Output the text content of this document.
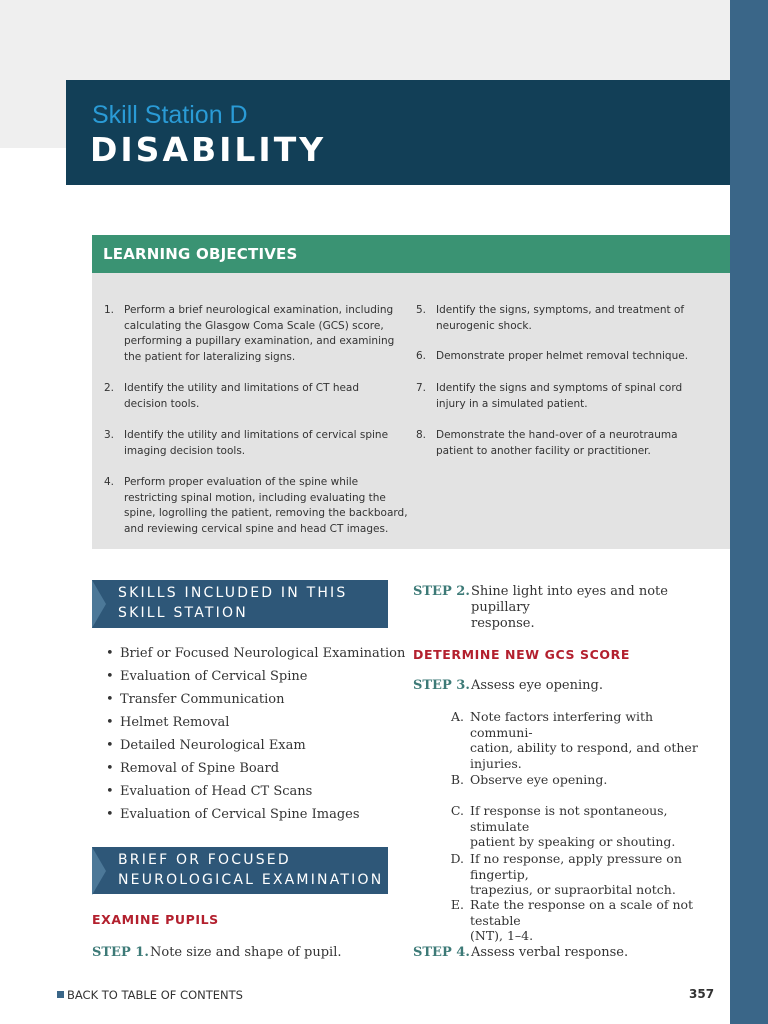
Skill Station D
DISABILITY
LEARNING OBJECTIVES
1. Perform a brief neurological examination, including
calculating the Glasgow Coma Scale (GCS) score,
performing a pupillary examination, and examining
the patient for lateralizing signs.
2. Identify the utility and limitations of CT head
decision tools.
3. Identify the utility and limitations of cervical spine
imaging decision tools.
4. Perform proper evaluation of the spine while
restricting spinal motion, including evaluating the
spine, logrolling the patient, removing the backboard,
and reviewing cervical spine and head CT images.
5. Identify the signs, symptoms, and treatment of
neurogenic shock.
6. Demonstrate proper helmet removal technique.
7. Identify the signs and symptoms of spinal cord
injury in a simulated patient.
8. Demonstrate the hand-over of a neurotrauma
patient to another facility or practitioner.
SKILLS INCLUDED IN THIS
SKILL STATION
• Brief or Focused Neurological Examination
• Evaluation of Cervical Spine
• Transfer Communication
• Helmet Removal
• Detailed Neurological Exam
• Removal of Spine Board
• Evaluation of Head CT Scans
• Evaluation of Cervical Spine Images
BRIEF OR FOCUSED
NEUROLOGICAL EXAMINATION
EXAMINE PUPILS
STEP 1. Note size and shape of pupil.
STEP 2. Shine light into eyes and note pupillary
response.
DETERMINE NEW GCS SCORE
STEP 3. Assess eye opening.
A. Note factors interfering with communi-
cation, ability to respond, and other
injuries.
B. Observe eye opening.
C. If response is not spontaneous, stimulate
patient by speaking or shouting.
D. If no response, apply pressure on fingertip,
trapezius, or supraorbital notch.
E. Rate the response on a scale of not testable
(NT), 1–4.
STEP 4. Assess verbal response.
BACK TO TABLE OF CONTENTS	357
